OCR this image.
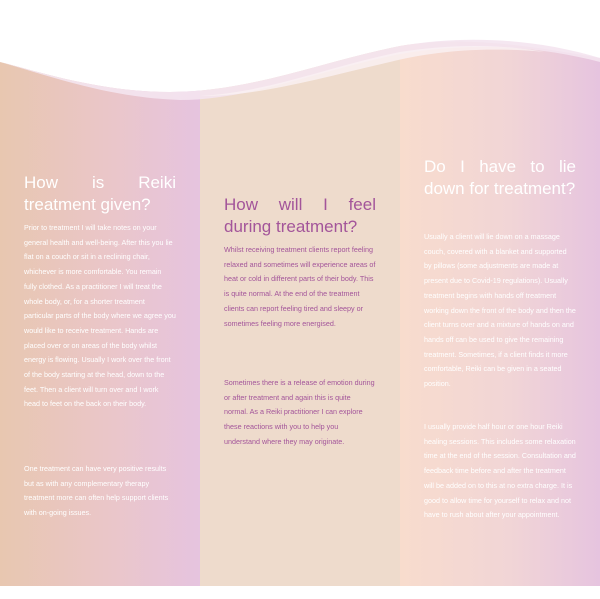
How is Reiki treatment given?

Prior to treatment I will take notes on your general health and well-being. After this you lie flat on a couch or sit in a reclining chair, whichever is more comfortable. You remain fully clothed. As a practitioner I will treat the whole body, or, for a shorter treatment particular parts of the body where we agree you would like to receive treatment. Hands are placed over or on areas of the body whilst energy is flowing. Usually I work over the front of the body starting at the head, down to the feet. Then a client will turn over and I work head to feet on the back on their body.

One treatment can have very positive results but as with any complementary therapy treatment more can often help support clients with on-going issues.

How will I feel during treatment?

Whilst receiving treatment clients report feeling relaxed and sometimes will experience areas of heat or cold in different parts of their body. This is quite normal. At the end of the treatment clients can report feeling tired and sleepy or sometimes feeling more energised.

Sometimes there is a release of emotion during or after treatment and again this is quite normal. As a Reiki practitioner I can explore these reactions with you to help you understand where they may originate.

Do I have to lie down for treatment?

Usually a client will lie down on a massage couch, covered with a blanket and supported by pillows (some adjustments are made at present due to Covid-19 regulations). Usually treatment begins with hands off treatment working down the front of the body and then the client turns over and a mixture of hands on and hands off can be used to give the remaining treatment. Sometimes, if a client finds it more comfortable, Reiki can be given in a seated position.

I usually provide half hour or one hour Reiki healing sessions. This includes some relaxation time at the end of the session. Consultation and feedback time before and after the treatment will be added on to this at no extra charge. It is good to allow time for yourself to relax and not have to rush about after your appointment.
